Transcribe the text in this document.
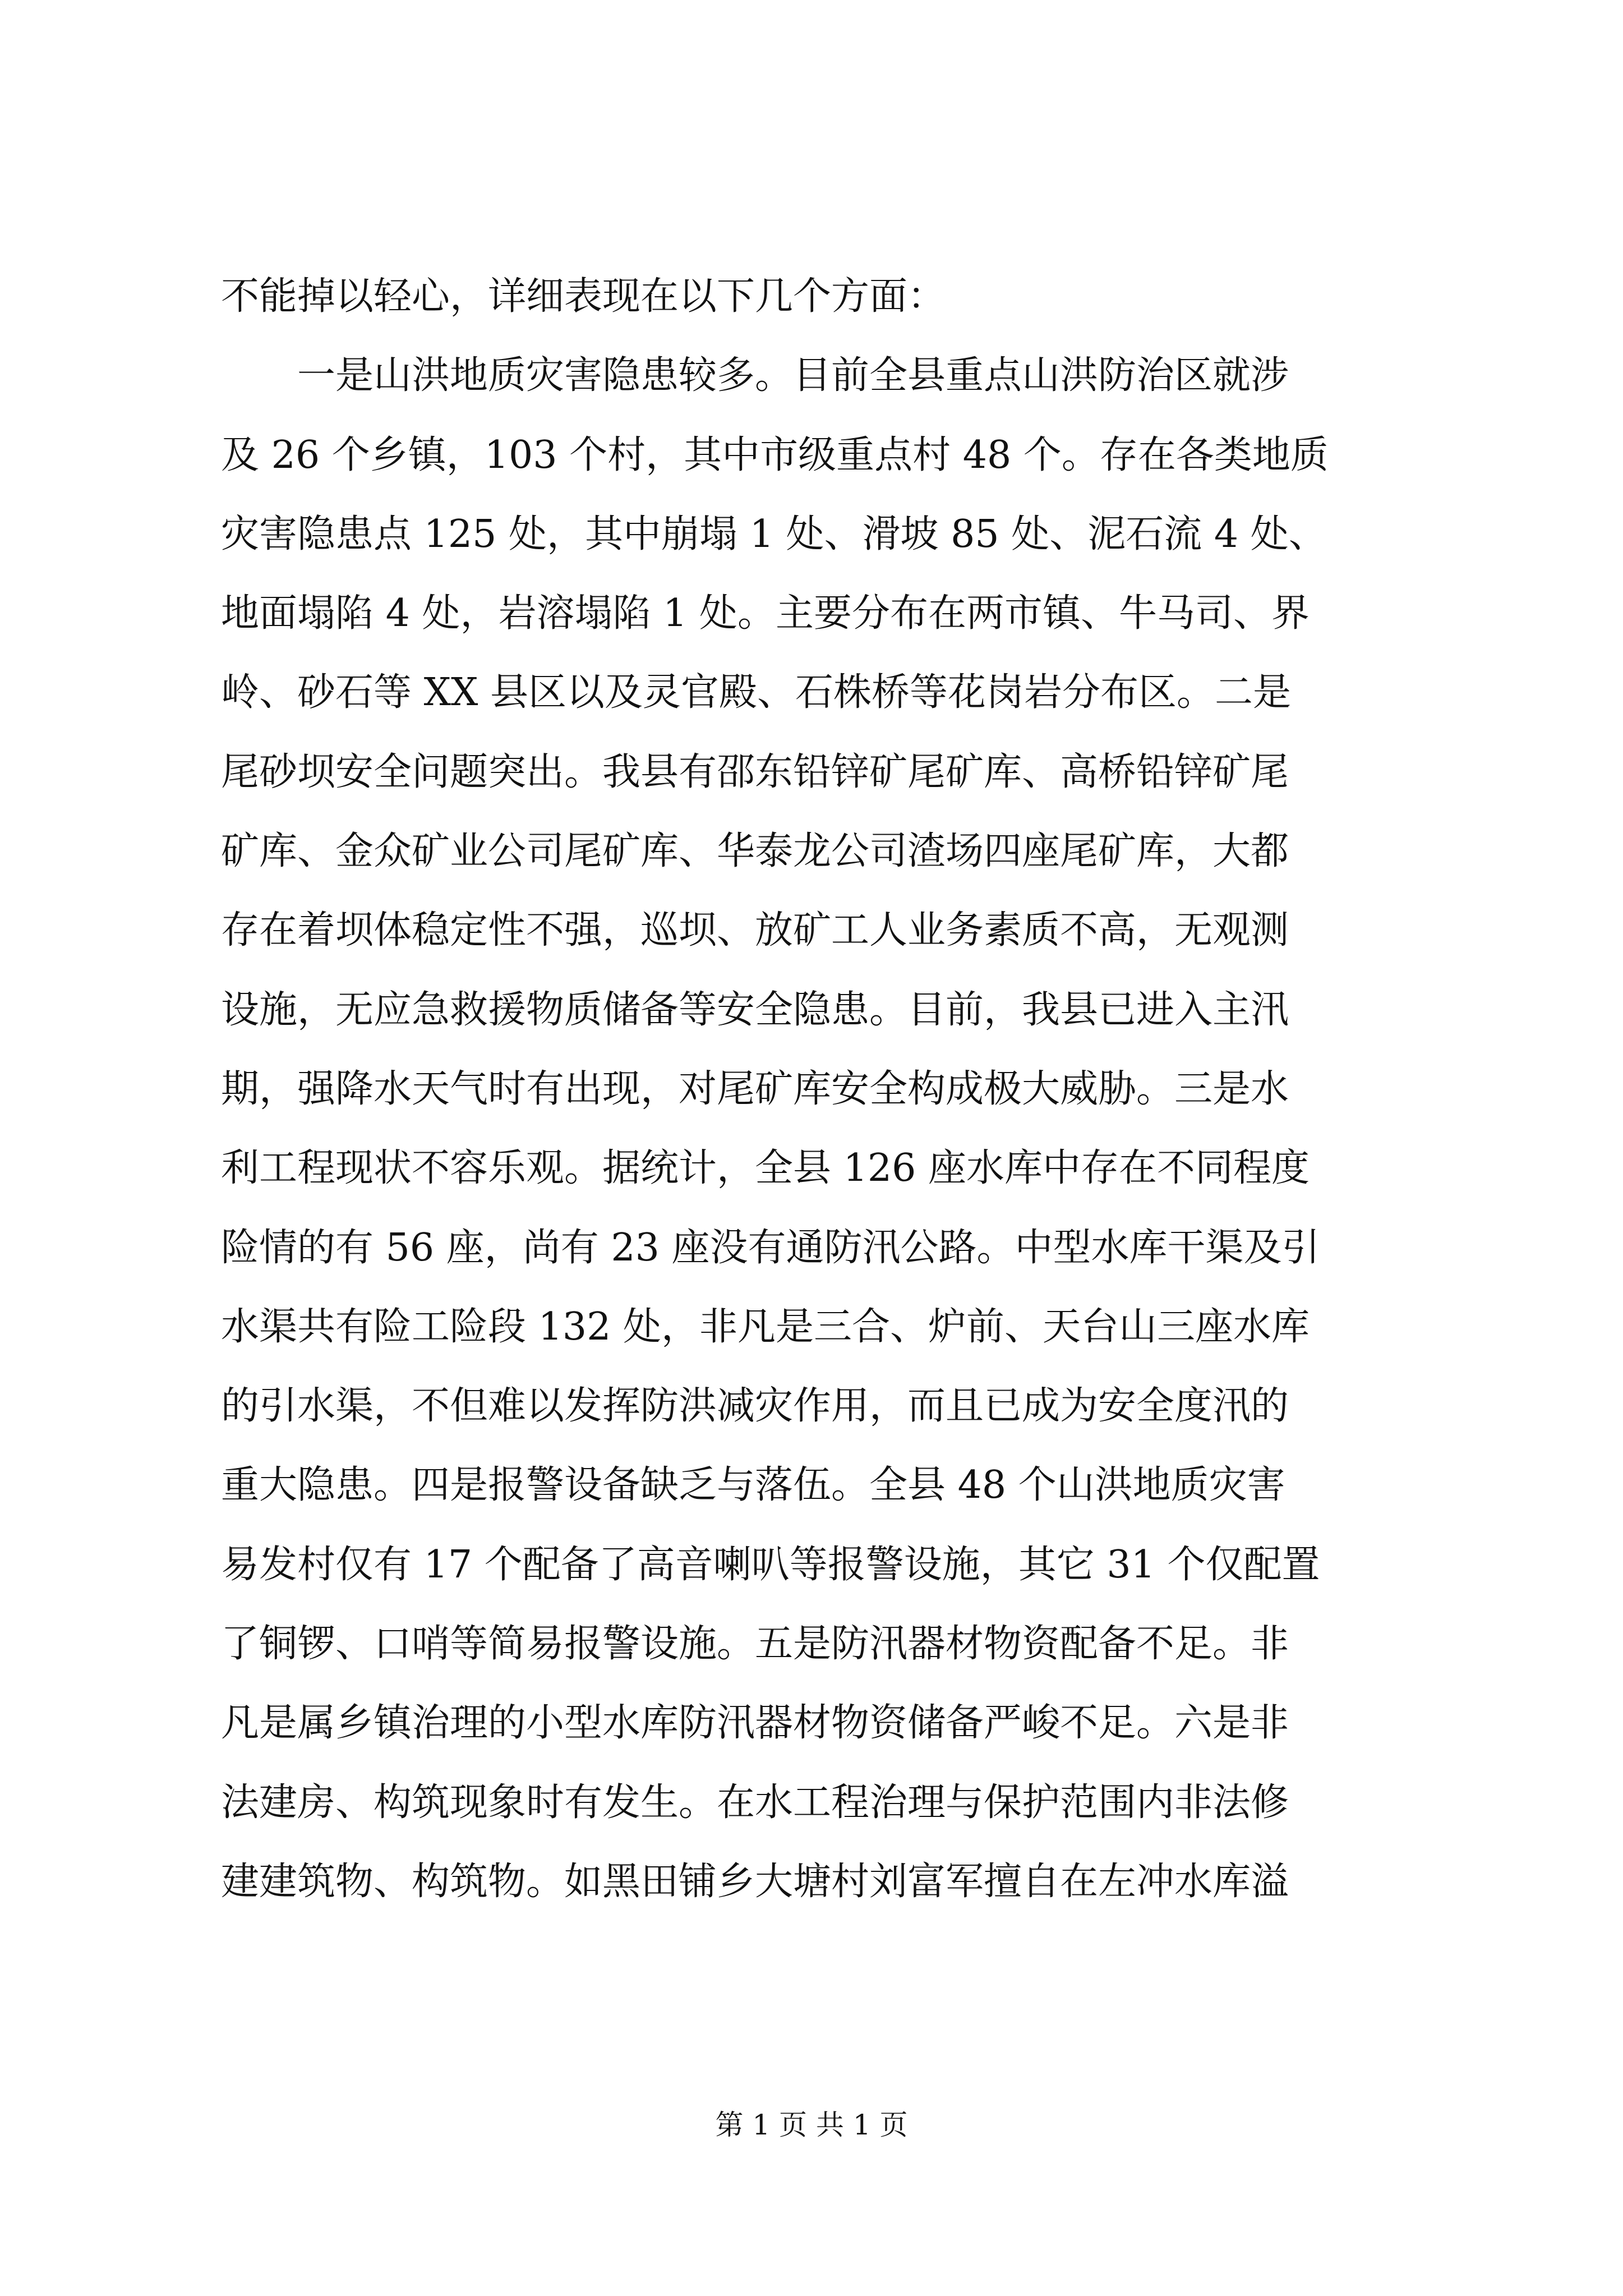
不能掉以轻心，详细表现在以下几个方面：
　　一是山洪地质灾害隐患较多。目前全县重点山洪防治区就涉
及 26 个乡镇，103 个村，其中市级重点村 48 个。存在各类地质
灾害隐患点 125 处，其中崩塌 1 处、滑坡 85 处、泥石流 4 处、
地面塌陷 4 处，岩溶塌陷 1 处。主要分布在两市镇、牛马司、界
岭、砂石等 XX 县区以及灵官殿、石株桥等花岗岩分布区。二是
尾砂坝安全问题突出。我县有邵东铅锌矿尾矿库、高桥铅锌矿尾
矿库、金众矿业公司尾矿库、华泰龙公司渣场四座尾矿库，大都
存在着坝体稳定性不强，巡坝、放矿工人业务素质不高，无观测
设施，无应急救援物质储备等安全隐患。目前，我县已进入主汛
期，强降水天气时有出现，对尾矿库安全构成极大威胁。三是水
利工程现状不容乐观。据统计，全县 126 座水库中存在不同程度
险情的有 56 座，尚有 23 座没有通防汛公路。中型水库干渠及引
水渠共有险工险段 132 处，非凡是三合、炉前、天台山三座水库
的引水渠，不但难以发挥防洪减灾作用，而且已成为安全度汛的
重大隐患。四是报警设备缺乏与落伍。全县 48 个山洪地质灾害
易发村仅有 17 个配备了高音喇叭等报警设施，其它 31 个仅配置
了铜锣、口哨等简易报警设施。五是防汛器材物资配备不足。非
凡是属乡镇治理的小型水库防汛器材物资储备严峻不足。六是非
法建房、构筑现象时有发生。在水工程治理与保护范围内非法修
建建筑物、构筑物。如黑田铺乡大塘村刘富军擅自在左冲水库溢
第 1 页 共 1 页
